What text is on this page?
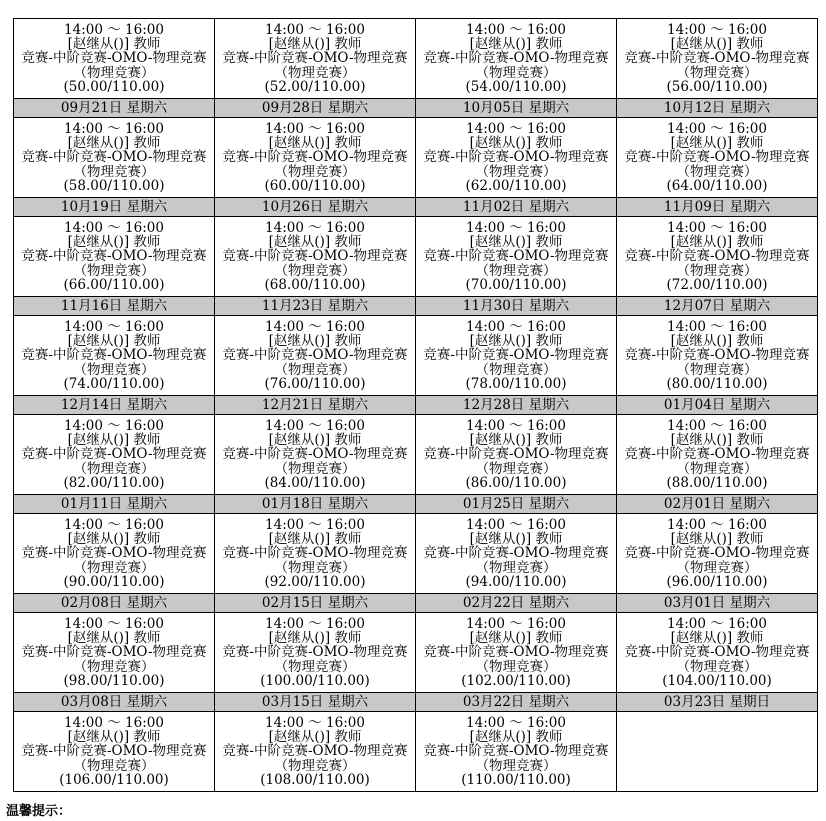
14:00 ～ 16:00
[赵继从()] 教师
竞赛-中阶竞赛-OMO-物理竞赛
（物理竞赛）
(50.00/110.00)	14:00 ～ 16:00
[赵继从()] 教师
竞赛-中阶竞赛-OMO-物理竞赛
（物理竞赛）
(52.00/110.00)	14:00 ～ 16:00
[赵继从()] 教师
竞赛-中阶竞赛-OMO-物理竞赛
（物理竞赛）
(54.00/110.00)	14:00 ～ 16:00
[赵继从()] 教师
竞赛-中阶竞赛-OMO-物理竞赛
（物理竞赛）
(56.00/110.00)

09月21日 星期六	09月28日 星期六	10月05日 星期六	10月12日 星期六

14:00 ～ 16:00
[赵继从()] 教师
竞赛-中阶竞赛-OMO-物理竞赛
（物理竞赛）
(58.00/110.00)	14:00 ～ 16:00
[赵继从()] 教师
竞赛-中阶竞赛-OMO-物理竞赛
（物理竞赛）
(60.00/110.00)	14:00 ～ 16:00
[赵继从()] 教师
竞赛-中阶竞赛-OMO-物理竞赛
（物理竞赛）
(62.00/110.00)	14:00 ～ 16:00
[赵继从()] 教师
竞赛-中阶竞赛-OMO-物理竞赛
（物理竞赛）
(64.00/110.00)

10月19日 星期六	10月26日 星期六	11月02日 星期六	11月09日 星期六

14:00 ～ 16:00
[赵继从()] 教师
竞赛-中阶竞赛-OMO-物理竞赛
（物理竞赛）
(66.00/110.00)	14:00 ～ 16:00
[赵继从()] 教师
竞赛-中阶竞赛-OMO-物理竞赛
（物理竞赛）
(68.00/110.00)	14:00 ～ 16:00
[赵继从()] 教师
竞赛-中阶竞赛-OMO-物理竞赛
（物理竞赛）
(70.00/110.00)	14:00 ～ 16:00
[赵继从()] 教师
竞赛-中阶竞赛-OMO-物理竞赛
（物理竞赛）
(72.00/110.00)

11月16日 星期六	11月23日 星期六	11月30日 星期六	12月07日 星期六

14:00 ～ 16:00
[赵继从()] 教师
竞赛-中阶竞赛-OMO-物理竞赛
（物理竞赛）
(74.00/110.00)	14:00 ～ 16:00
[赵继从()] 教师
竞赛-中阶竞赛-OMO-物理竞赛
（物理竞赛）
(76.00/110.00)	14:00 ～ 16:00
[赵继从()] 教师
竞赛-中阶竞赛-OMO-物理竞赛
（物理竞赛）
(78.00/110.00)	14:00 ～ 16:00
[赵继从()] 教师
竞赛-中阶竞赛-OMO-物理竞赛
（物理竞赛）
(80.00/110.00)

12月14日 星期六	12月21日 星期六	12月28日 星期六	01月04日 星期六

14:00 ～ 16:00
[赵继从()] 教师
竞赛-中阶竞赛-OMO-物理竞赛
（物理竞赛）
(82.00/110.00)	14:00 ～ 16:00
[赵继从()] 教师
竞赛-中阶竞赛-OMO-物理竞赛
（物理竞赛）
(84.00/110.00)	14:00 ～ 16:00
[赵继从()] 教师
竞赛-中阶竞赛-OMO-物理竞赛
（物理竞赛）
(86.00/110.00)	14:00 ～ 16:00
[赵继从()] 教师
竞赛-中阶竞赛-OMO-物理竞赛
（物理竞赛）
(88.00/110.00)

01月11日 星期六	01月18日 星期六	01月25日 星期六	02月01日 星期六

14:00 ～ 16:00
[赵继从()] 教师
竞赛-中阶竞赛-OMO-物理竞赛
（物理竞赛）
(90.00/110.00)	14:00 ～ 16:00
[赵继从()] 教师
竞赛-中阶竞赛-OMO-物理竞赛
（物理竞赛）
(92.00/110.00)	14:00 ～ 16:00
[赵继从()] 教师
竞赛-中阶竞赛-OMO-物理竞赛
（物理竞赛）
(94.00/110.00)	14:00 ～ 16:00
[赵继从()] 教师
竞赛-中阶竞赛-OMO-物理竞赛
（物理竞赛）
(96.00/110.00)

02月08日 星期六	02月15日 星期六	02月22日 星期六	03月01日 星期六

14:00 ～ 16:00
[赵继从()] 教师
竞赛-中阶竞赛-OMO-物理竞赛
（物理竞赛）
(98.00/110.00)	14:00 ～ 16:00
[赵继从()] 教师
竞赛-中阶竞赛-OMO-物理竞赛
（物理竞赛）
(100.00/110.00)	14:00 ～ 16:00
[赵继从()] 教师
竞赛-中阶竞赛-OMO-物理竞赛
（物理竞赛）
(102.00/110.00)	14:00 ～ 16:00
[赵继从()] 教师
竞赛-中阶竞赛-OMO-物理竞赛
（物理竞赛）
(104.00/110.00)

03月08日 星期六	03月15日 星期六	03月22日 星期六	03月23日 星期日

14:00 ～ 16:00
[赵继从()] 教师
竞赛-中阶竞赛-OMO-物理竞赛
（物理竞赛）
(106.00/110.00)	14:00 ～ 16:00
[赵继从()] 教师
竞赛-中阶竞赛-OMO-物理竞赛
（物理竞赛）
(108.00/110.00)	14:00 ～ 16:00
[赵继从()] 教师
竞赛-中阶竞赛-OMO-物理竞赛
（物理竞赛）
(110.00/110.00)	

温馨提示：
